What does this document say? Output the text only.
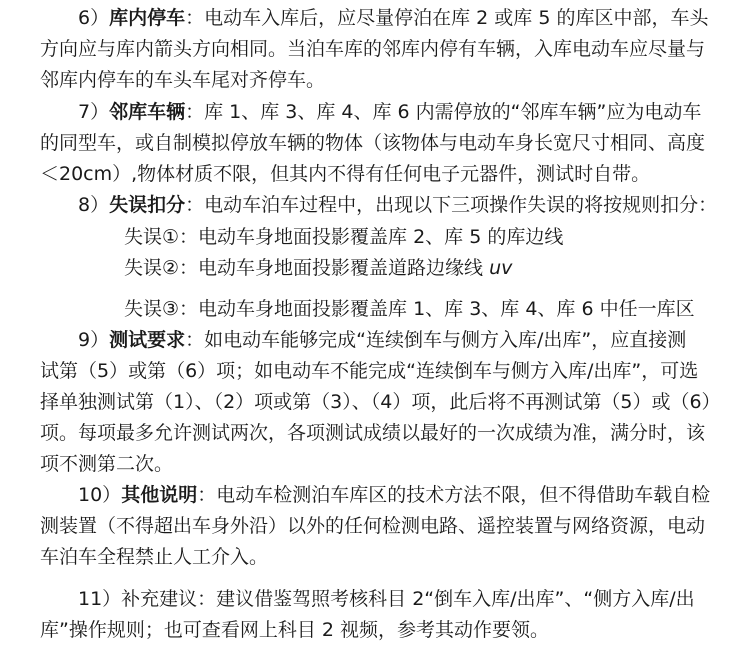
6）库内停车：电动车入库后，应尽量停泊在库 2 或库 5 的库区中部，车头
方向应与库内箭头方向相同。当泊车库的邻库内停有车辆，入库电动车应尽量与
邻库内停车的车头车尾对齐停车。
7）邻库车辆：库 1、库 3、库 4、库 6 内需停放的“邻库车辆”应为电动车
的同型车，或自制模拟停放车辆的物体（该物体与电动车身长宽尺寸相同、高度
＜20cm）,物体材质不限，但其内不得有任何电子元器件，测试时自带。
8）失误扣分：电动车泊车过程中，出现以下三项操作失误的将按规则扣分：
失误①：电动车身地面投影覆盖库 2、库 5 的库边线
失误②：电动车身地面投影覆盖道路边缘线 uv
失误③：电动车身地面投影覆盖库 1、库 3、库 4、库 6 中任一库区
9）测试要求：如电动车能够完成“连续倒车与侧方入库/出库”，应直接测
试第（5）或第（6）项；如电动车不能完成“连续倒车与侧方入库/出库”，可选
择单独测试第（1）、（2）项或第（3）、（4）项，此后将不再测试第（5）或（6）
项。每项最多允许测试两次，各项测试成绩以最好的一次成绩为准，满分时，该
项不测第二次。
10）其他说明：电动车检测泊车库区的技术方法不限，但不得借助车载自检
测装置（不得超出车身外沿）以外的任何检测电路、遥控装置与网络资源，电动
车泊车全程禁止人工介入。
11）补充建议：建议借鉴驾照考核科目 2“倒车入库/出库”、“侧方入库/出
库”操作规则；也可查看网上科目 2 视频，参考其动作要领。
